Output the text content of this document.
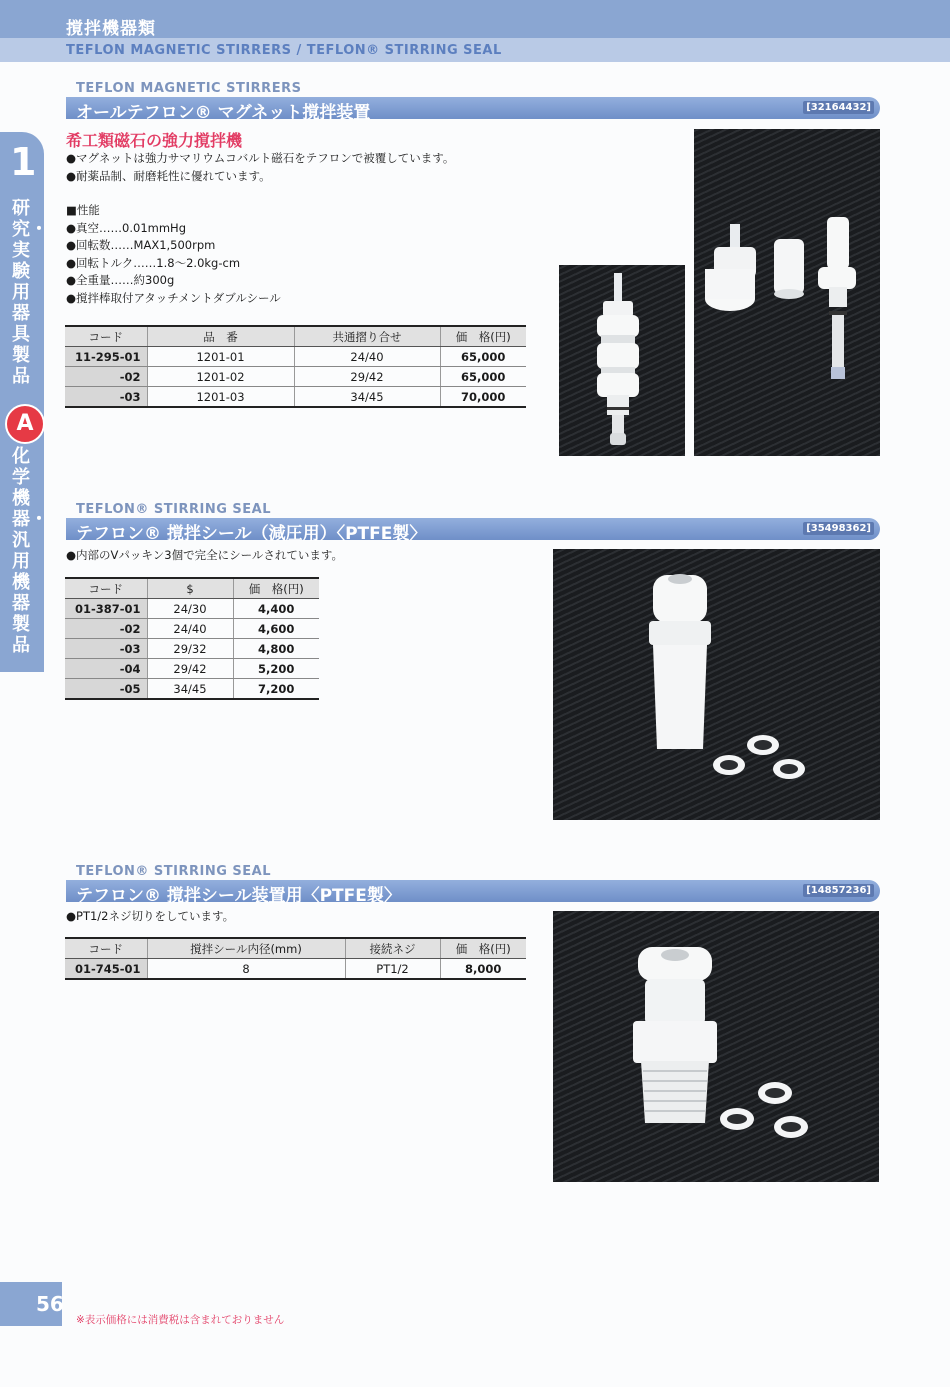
撹拌機器類
TEFLON MAGNETIC STIRRERS / TEFLON® STIRRING SEAL
1
研究・実験用器具製品
A
化学機器・汎用機器製品
TEFLON MAGNETIC STIRRERS
オールテフロン® マグネット撹拌装置	[32164432]
希工類磁石の強力撹拌機
●マグネットは強力サマリウムコバルト磁石をテフロンで被覆しています。
●耐薬品制、耐磨耗性に優れています。
■性能
●真空……0.01mmHg
●回転数……MAX1,500rpm
●回転トルク……1.8〜2.0kg-cm
●全重量……約300g
●撹拌棒取付アタッチメントダブルシール
コード	品　番	共通摺り合せ	価　格(円)
11-295-01	1201-01	24/40	65,000
-02	1201-02	29/42	65,000
-03	1201-03	34/45	70,000
TEFLON® STIRRING SEAL
テフロン® 撹拌シール（減圧用）〈PTFE製〉	[35498362]
●内部のVパッキン3個で完全にシールされています。
コード	$	価　格(円)
01-387-01	24/30	4,400
-02	24/40	4,600
-03	29/32	4,800
-04	29/42	5,200
-05	34/45	7,200
TEFLON® STIRRING SEAL
テフロン® 撹拌シール装置用〈PTFE製〉	[14857236]
●PT1/2ネジ切りをしています。
コード	撹拌シール内径(mm)	接続ネジ	価　格(円)
01-745-01	8	PT1/2	8,000
56
※表示価格には消費税は含まれておりません
